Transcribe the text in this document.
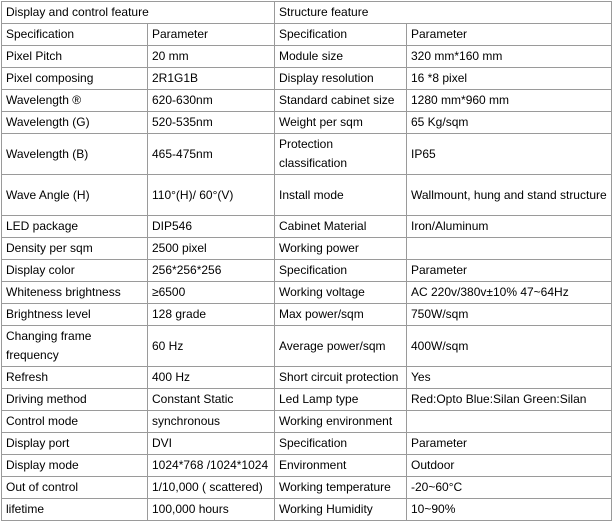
Display and control feature		Structure feature	
Specification	Parameter	Specification	Parameter
Pixel Pitch	20 mm	Module size	320 mm*160 mm
Pixel composing	2R1G1B	Display resolution	16 *8 pixel
Wavelength ®	620-630nm	Standard cabinet size	1280 mm*960 mm
Wavelength (G)	520-535nm	Weight per sqm	65 Kg/sqm
Wavelength (B)	465-475nm	Protection classification	IP65
Wave Angle (H)	110°(H)/ 60°(V)	Install mode	Wallmount, hung and stand structure
LED package	DIP546	Cabinet Material	Iron/Aluminum
Density per sqm	2500 pixel	Working power	
Display color	256*256*256	Specification	Parameter
Whiteness brightness	≥6500	Working voltage	AC 220v/380v±10% 47~64Hz
Brightness level	128 grade	Max power/sqm	750W/sqm
Changing frame frequency	60 Hz	Average power/sqm	400W/sqm
Refresh	400 Hz	Short circuit protection	Yes
Driving method	Constant Static	Led Lamp type	Red:Opto Blue:Silan Green:Silan
Control mode	synchronous	Working environment	
Display port	DVI	Specification	Parameter
Display mode	1024*768 /1024*1024	Environment	Outdoor
Out of control	1/10,000 ( scattered)	Working temperature	-20~60°C
lifetime	100,000 hours	Working Humidity	10~90%
